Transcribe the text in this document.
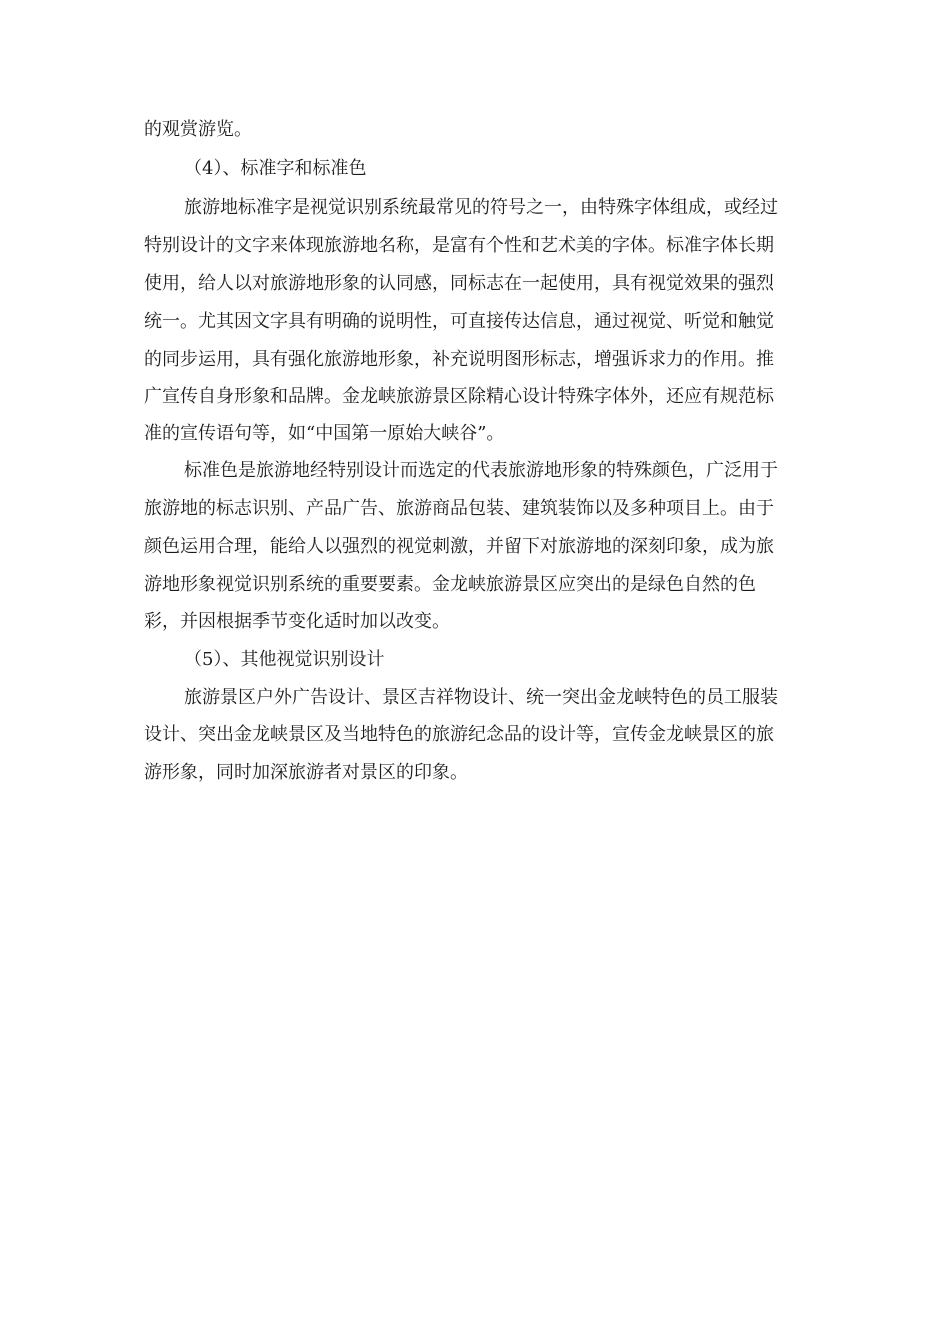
的观赏游览。
（4）、标准字和标准色
旅游地标准字是视觉识别系统最常见的符号之一，由特殊字体组成，或经过
特别设计的文字来体现旅游地名称，是富有个性和艺术美的字体。标准字体长期
使用，给人以对旅游地形象的认同感，同标志在一起使用，具有视觉效果的强烈
统一。尤其因文字具有明确的说明性，可直接传达信息，通过视觉、听觉和触觉
的同步运用，具有强化旅游地形象，补充说明图形标志，增强诉求力的作用。推
广宣传自身形象和品牌。金龙峡旅游景区除精心设计特殊字体外，还应有规范标
准的宣传语句等，如“中国第一原始大峡谷”。
标准色是旅游地经特别设计而选定的代表旅游地形象的特殊颜色，广泛用于
旅游地的标志识别、产品广告、旅游商品包装、建筑装饰以及多种项目上。由于
颜色运用合理，能给人以强烈的视觉刺激，并留下对旅游地的深刻印象，成为旅
游地形象视觉识别系统的重要要素。金龙峡旅游景区应突出的是绿色自然的色
彩，并因根据季节变化适时加以改变。
（5）、其他视觉识别设计
旅游景区户外广告设计、景区吉祥物设计、统一突出金龙峡特色的员工服装
设计、突出金龙峡景区及当地特色的旅游纪念品的设计等，宣传金龙峡景区的旅
游形象，同时加深旅游者对景区的印象。
